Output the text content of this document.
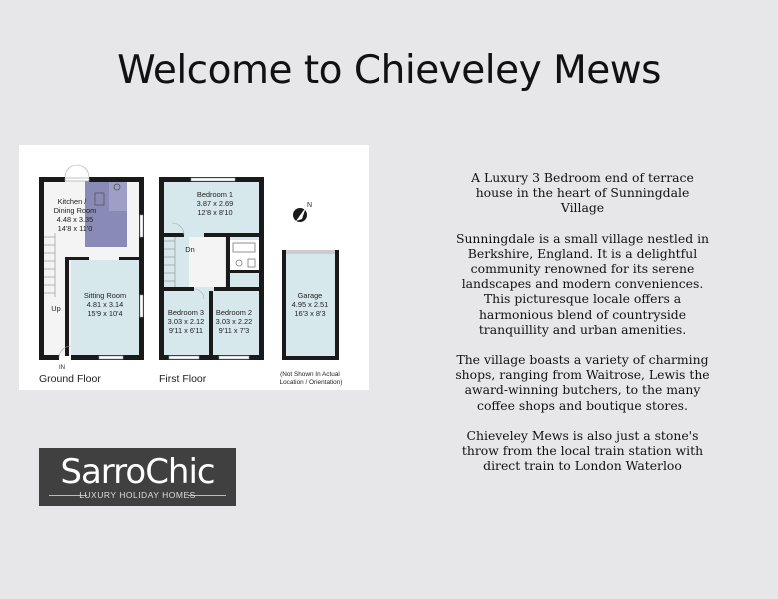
Welcome to Chieveley Mews
Kitchen / Dining Room 4.48 x 3.35 14'8 x 11'0 Sitting Room 4.81 x 3.14 15'9 x 10'4 Up
IN
Ground Floor
Bedroom 1 3.87 x 2.69 12'8 x 8'10 Bedroom 3 3.03 x 2.12 9'11 x 6'11 Bedroom 2 3.03 x 2.22 9'11 x 7'3 Dn
First Floor
Garage 4.95 x 2.51 16'3 x 8'3 (Not Shown In Actual Location / Orientation)
N

A Luxury 3 Bedroom end of terrace house in the heart of Sunningdale Village

Sunningdale is a small village nestled in Berkshire, England. It is a delightful community renowned for its serene landscapes and modern conveniences. This picturesque locale offers a harmonious blend of countryside tranquillity and urban amenities.

The village boasts a variety of charming shops, ranging from Waitrose, Lewis the award-winning butchers, to the many coffee shops and boutique stores.

Chieveley Mews is also just a stone's throw from the local train station with direct train to London Waterloo

SarroChic
LUXURY HOLIDAY HOMES
